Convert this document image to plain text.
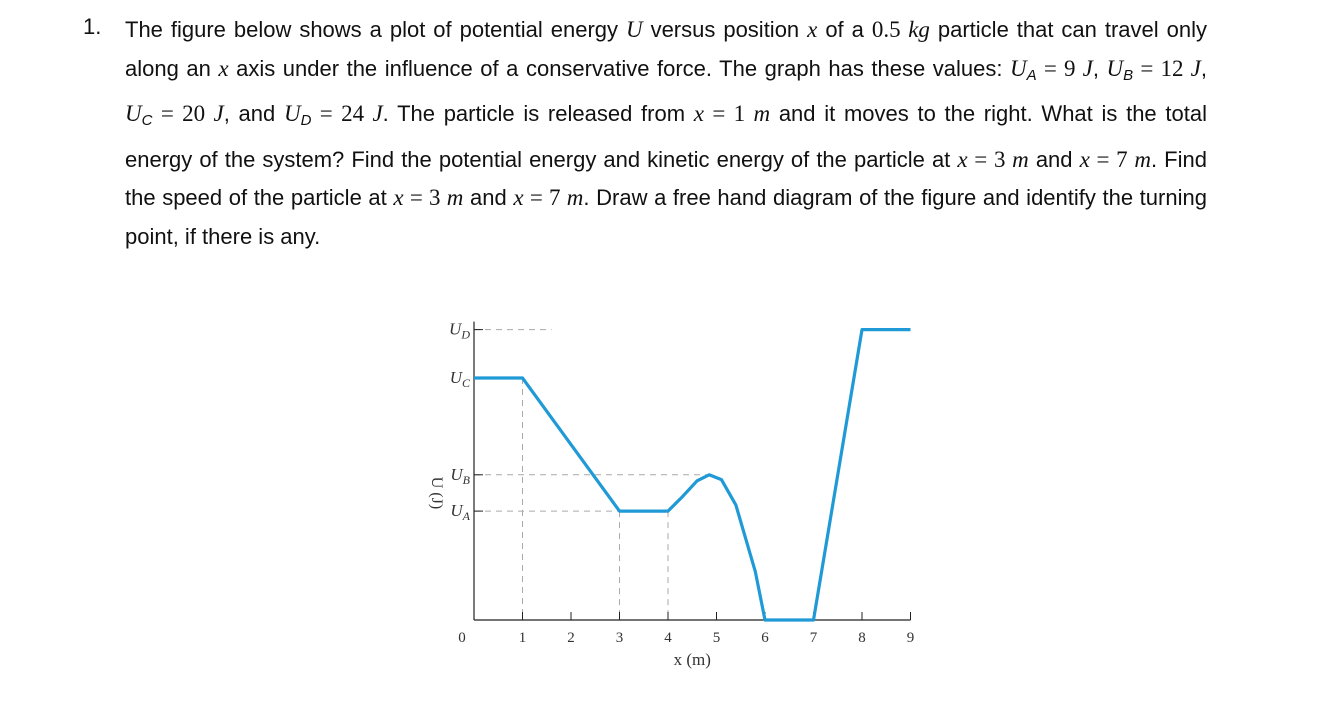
1. The figure below shows a plot of potential energy U versus position x of a 0.5 kg particle that can travel only along an x axis under the influence of a conservative force. The graph has these values: $U_A = 9$ J, $U_B = 12$ J, $U_C = 20$ J, and $U_D = 24$ J. The particle is released from x = 1 m and it moves to the right. What is the total energy of the system? Find the potential energy and kinetic energy of the particle at x = 3 m and x = 7 m. Find the speed of the particle at x = 3 m and x = 7 m. Draw a free hand diagram of the figure and identify the turning point, if there is any.
$U_A$
$U_B$
$U_C$
$U_D$
0	1	2	3	4	5	6	7	8	9
U (J)
x (m)
